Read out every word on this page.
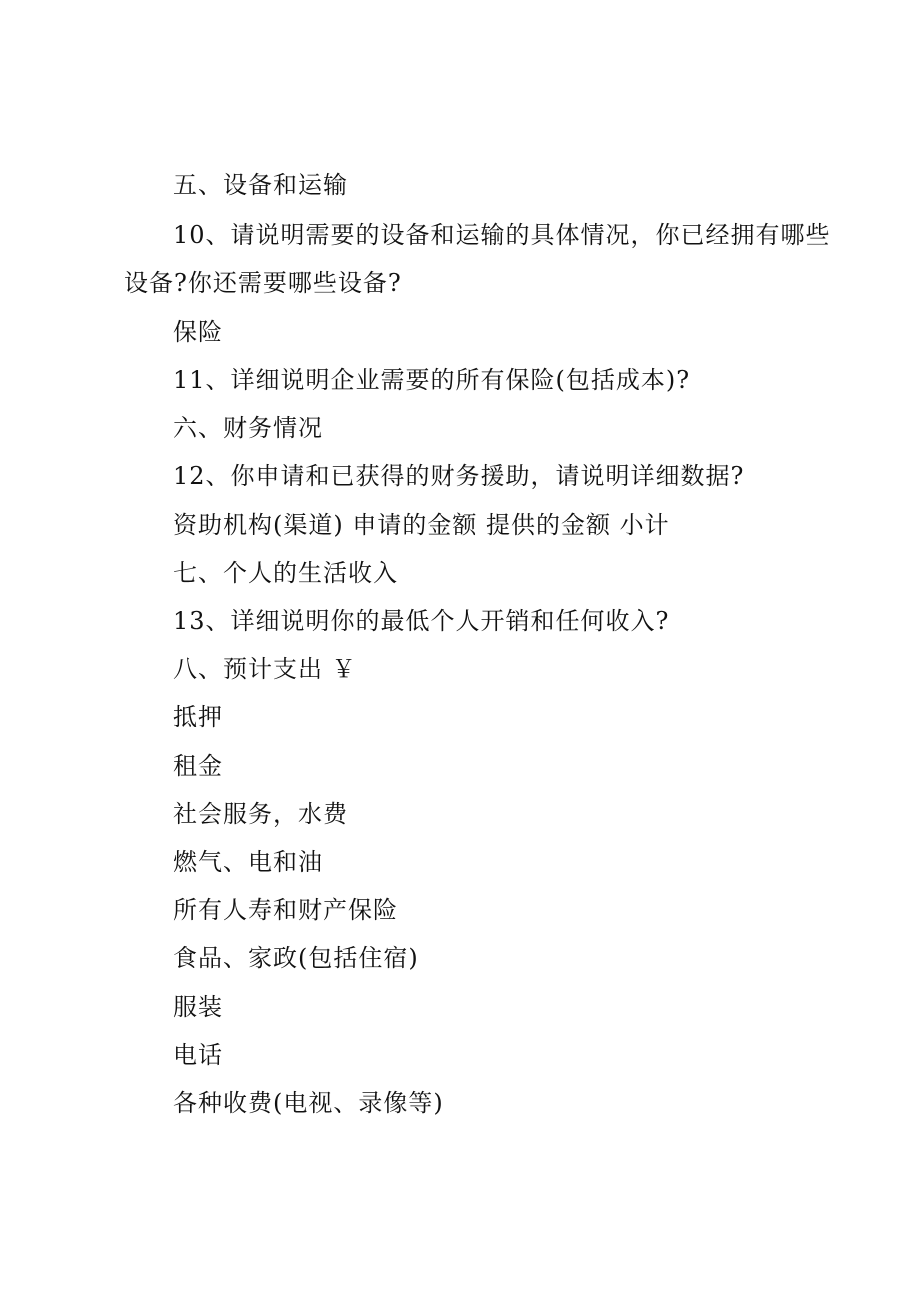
五、设备和运输
10、请说明需要的设备和运输的具体情况，你已经拥有哪些
设备?你还需要哪些设备?
保险
11、详细说明企业需要的所有保险(包括成本)?
六、财务情况
12、你申请和已获得的财务援助，请说明详细数据?
资助机构(渠道) 申请的金额 提供的金额 小计
七、个人的生活收入
13、详细说明你的最低个人开销和任何收入?
八、预计支出 ￥
抵押
租金
社会服务，水费
燃气、电和油
所有人寿和财产保险
食品、家政(包括住宿)
服装
电话
各种收费(电视、录像等)
